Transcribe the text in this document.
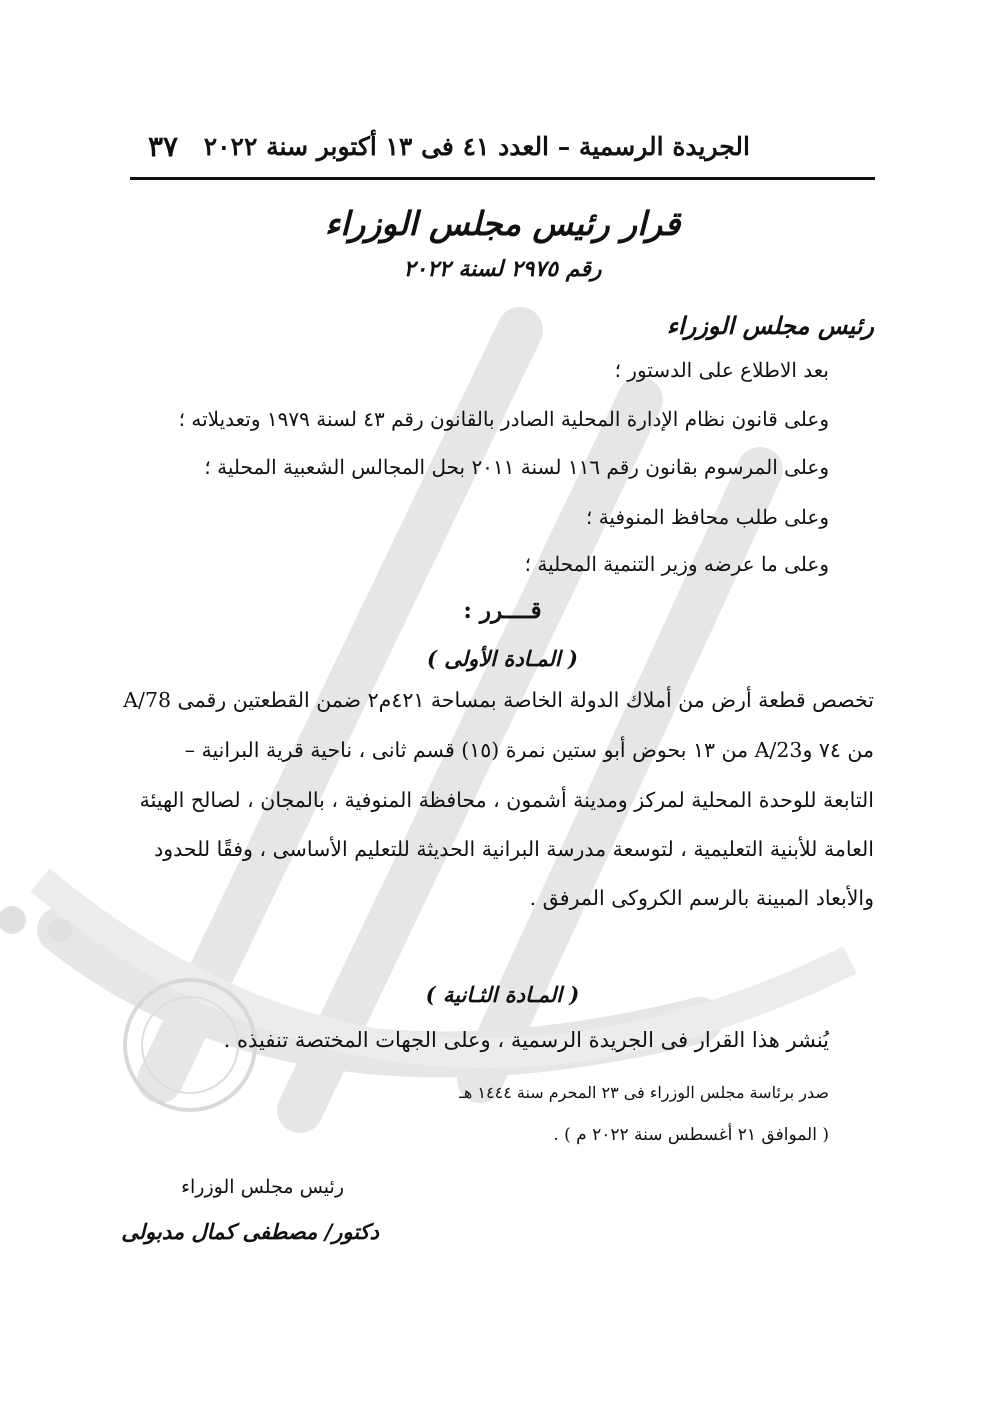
الجريدة الرسمية – العدد ٤١ فى ١٣ أكتوبر سنة ٢٠٢٢
٣٧
قرار رئيس مجلس الوزراء
رقم ٢٩٧٥ لسنة ٢٠٢٢
رئيس مجلس الوزراء
بعد الاطلاع على الدستور ؛
وعلى قانون نظام الإدارة المحلية الصادر بالقانون رقم ٤٣ لسنة ١٩٧٩ وتعديلاته ؛
وعلى المرسوم بقانون رقم ١١٦ لسنة ٢٠١١ بحل المجالس الشعبية المحلية ؛
وعلى طلب محافظ المنوفية ؛
وعلى ما عرضه وزير التنمية المحلية ؛
قــــرر :
( المـادة الأولى )
تخصص قطعة أرض من أملاك الدولة الخاصة بمساحة ٤٢١م٢ ضمن القطعتين رقمى 78/A
من ٧٤ و23/A من ١٣ بحوض أبو ستين نمرة (١٥) قسم ثانى ، ناحية قرية البرانية –
التابعة للوحدة المحلية لمركز ومدينة أشمون ، محافظة المنوفية ، بالمجان ، لصالح الهيئة
العامة للأبنية التعليمية ، لتوسعة مدرسة البرانية الحديثة للتعليم الأساسى ، وفقًا للحدود
والأبعاد المبينة بالرسم الكروكى المرفق .
( المـادة الثـانية )
يُنشر هذا القرار فى الجريدة الرسمية ، وعلى الجهات المختصة تنفيذه .
صدر برئاسة مجلس الوزراء فى ٢٣ المحرم سنة ١٤٤٤ هـ
( الموافق ٢١ أغسطس سنة ٢٠٢٢ م ) .
رئيس مجلس الوزراء
دكتور/ مصطفى كمال مدبولى
